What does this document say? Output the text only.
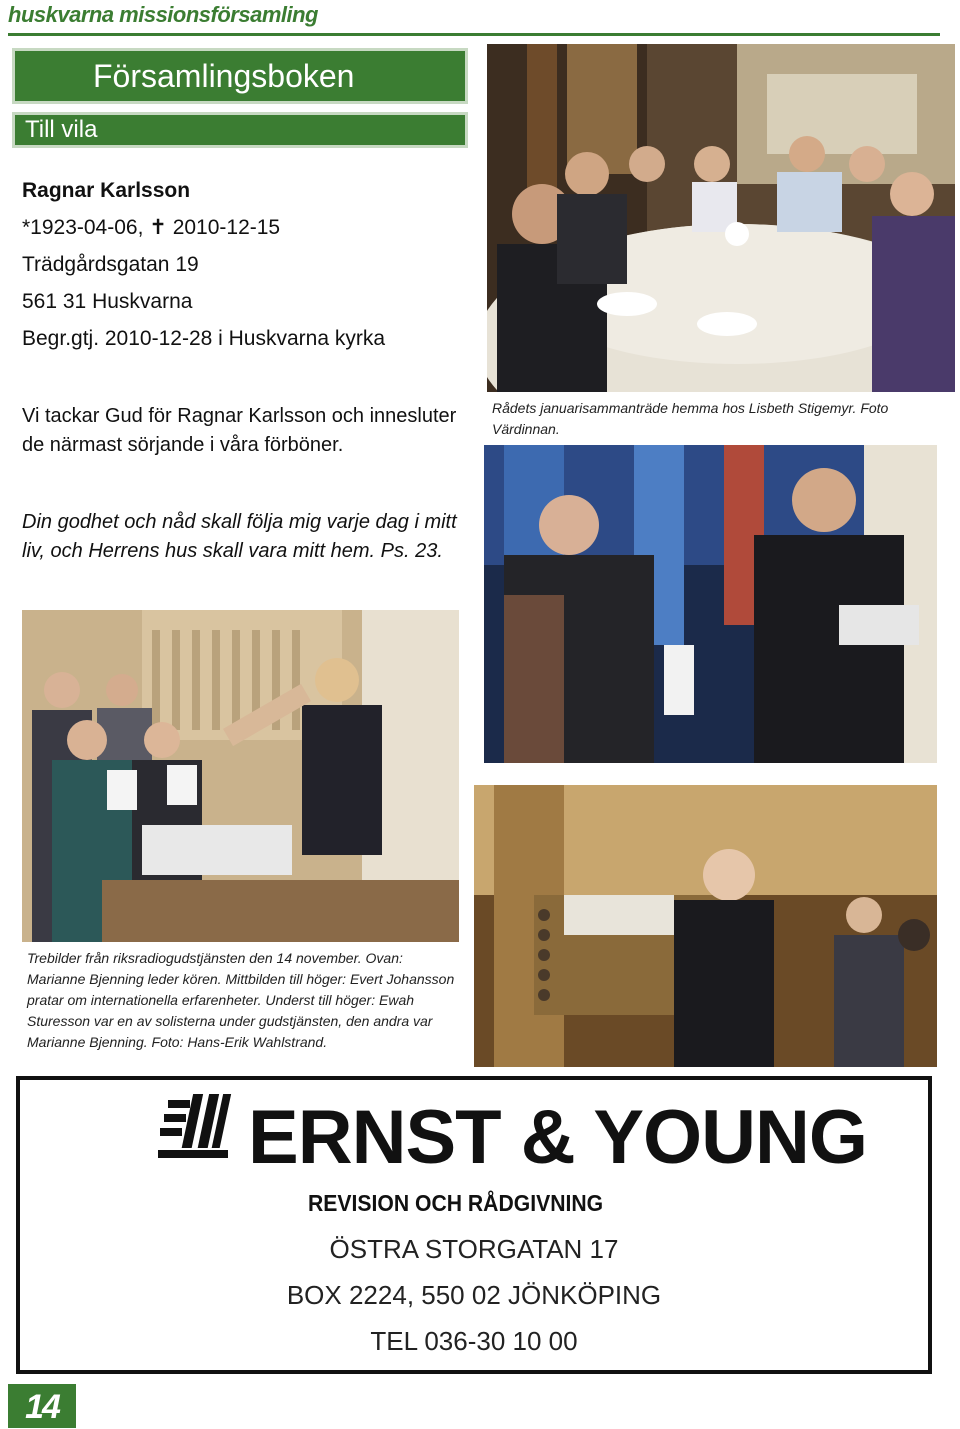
huskvarna missionsförsamling
Församlingsboken
Till vila
Ragnar Karlsson
*1923-04-06, ✝ 2010-12-15
Trädgårdsgatan 19
561 31 Huskvarna
Begr.gtj. 2010-12-28 i Huskvarna kyrka
Vi tackar Gud för Ragnar Karlsson och innesluter de närmast sörjande i våra förböner.
Din godhet och nåd skall följa mig varje dag i mitt liv, och Herrens hus skall vara mitt hem. Ps. 23.
Rådets januarisammanträde hemma hos Lisbeth Stigemyr. Foto Värdinnan.
Trebilder från riksradiogudstjänsten den 14 november. Ovan: Marianne Bjenning leder kören. Mittbilden till höger: Evert Johansson pratar om internationella erfarenheter. Underst till höger: Ewah Sturesson var en av solisterna under gudstjänsten, den andra var Marianne Bjenning. Foto: Hans-Erik Wahlstrand.
ERNST & YOUNG
REVISION OCH RÅDGIVNING
ÖSTRA STORGATAN 17
BOX 2224, 550 02 JÖNKÖPING
TEL 036-30 10 00
14
